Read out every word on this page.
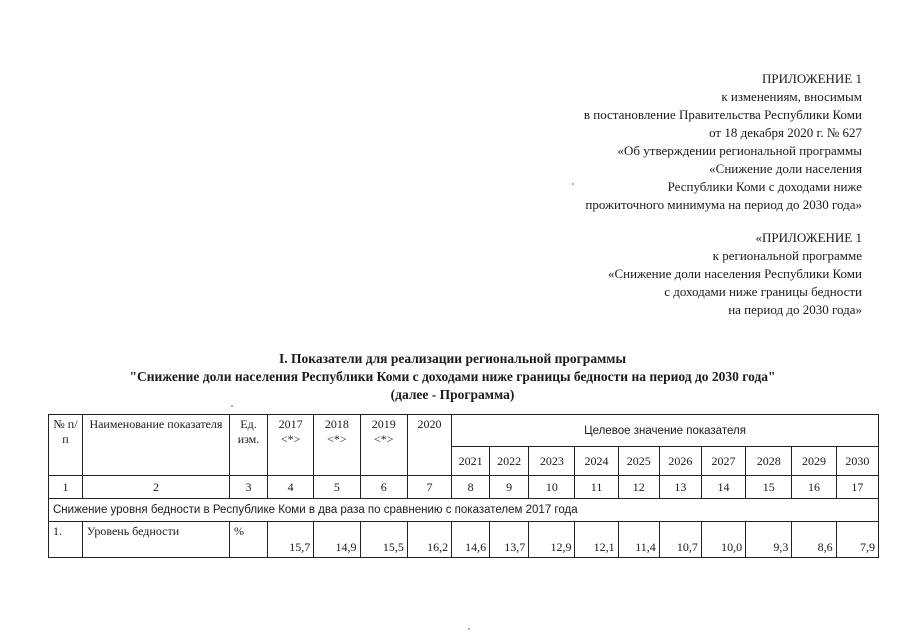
ПРИЛОЖЕНИЕ 1
к изменениям, вносимым
в постановление Правительства Республики Коми
от 18 декабря 2020 г. № 627
«Об утверждении региональной программы
«Снижение доли населения
Республики Коми с доходами ниже
прожиточного минимума на период до 2030 года»
«ПРИЛОЖЕНИЕ 1
к региональной программе
«Снижение доли населения Республики Коми
с доходами ниже границы бедности
на период до 2030 года»
I. Показатели для реализации региональной программы
"Снижение доли населения Республики Коми с доходами ниже границы бедности на период до 2030 года"
(далее - Программа)
№ п/п	Наименование показателя	Ед. изм.	2017 <*>	2018 <*>	2019 <*>	2020	Целевое значение показателя									
							2021	2022	2023	2024	2025	2026	2027	2028	2029	2030
1	2	3	4	5	6	7	8	9	10	11	12	13	14	15	16	17
Снижение уровня бедности в Республике Коми в два раза по сравнению с показателем 2017 года																
1.	Уровень бедности	%	15,7	14,9	15,5	16,2	14,6	13,7	12,9	12,1	11,4	10,7	10,0	9,3	8,6	7,9
